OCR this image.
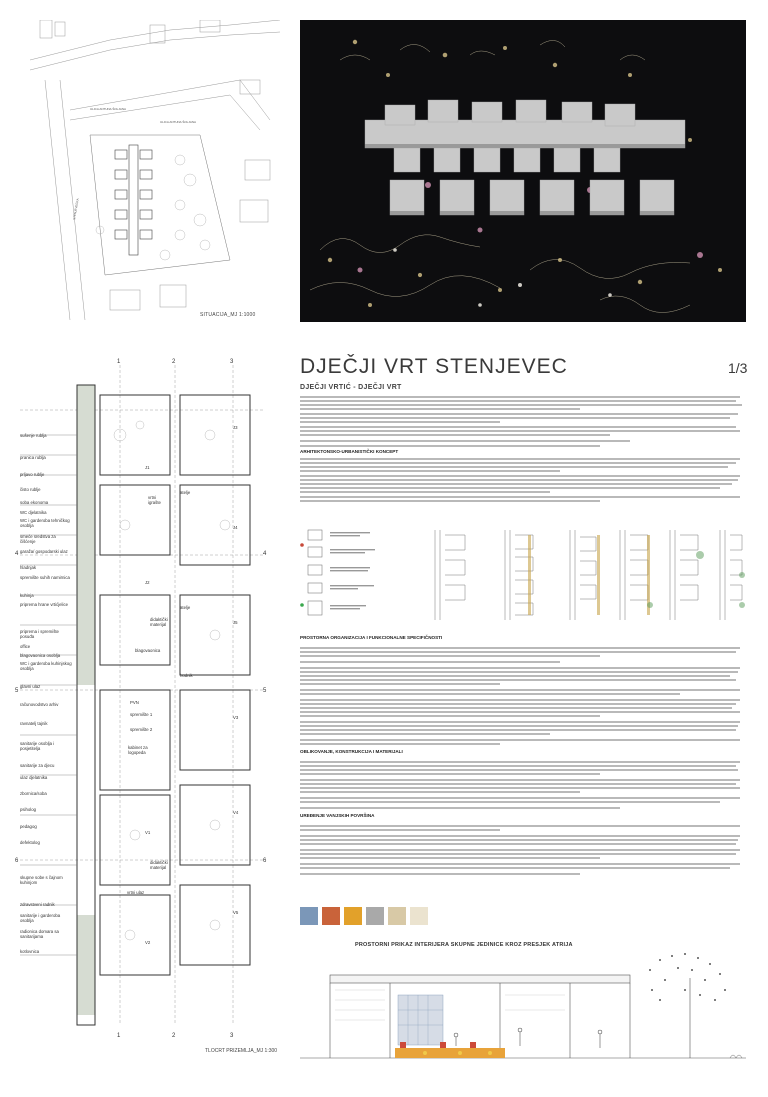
ULICA ANTUNA ŠOLJANA
ULICA ANTUNA ŠOLJANA
STENJEVEČKA
SITUACIJA_MJ 1:1000
1	2	3
4	4
5	5
6	6
1	2	3
sušenje rublja
pranica rublja
prljavo rublje
čisto rublje
soba ekonoma
WC djelatnika
WC i garderoba tehničkog osoblja
smeće sredstva za čišćenje
garaža/ gospodarski ulaz
hladnjak
spremište suhih namirnica
kuhinja
priprema hrane vrtićjelice
priprema i spremište posuđa
office
blagovaonica osoblja
WC i garderoba kuhinjskog osoblja
glavni ulaz
računovodstvo arhiv
ravnatelj tajnik
sanitarije osoblja i posjetitelja
sanitarije za djecu
ulaz djelatnika
zbornica/soba
psiholog
pedagog
defektolog
skupne sobe s čajnom kuhinjom
zdravstveni radnik
sanitarije i garderoba osoblja
radionica domara sa sanitarijama
kotlovnica
J1
vrtni igrašte
atelje
J2
atelje
didaktički materijal
blagovaonica
J3
J4
J5
hodnik
PVN
spremište 1
spremište 2
kabinet za logopeda
V1
V2
V3
V4
V5
didaktički materijal
vrtni ulaz
TLOCRT PRIZEMLJA_MJ 1:300
DJEČJI VRT STENJEVEC	1/3
DJEČJI VRTIĆ - DJEČJI VRT
ARHITEKTONSKO-URBANISTIČKI KONCEPT
PROSTORNA ORGANIZACIJA I FUNKCIONALNE SPECIFIČNOSTI
OBLIKOVANJE, KONSTRUKCIJA I MATERIJALI
UREĐENJE VANJSKIH POVRŠINA
PROSTORNI PRIKAZ INTERIJERA SKUPNE JEDINICE KROZ PRESJEK ATRIJA
